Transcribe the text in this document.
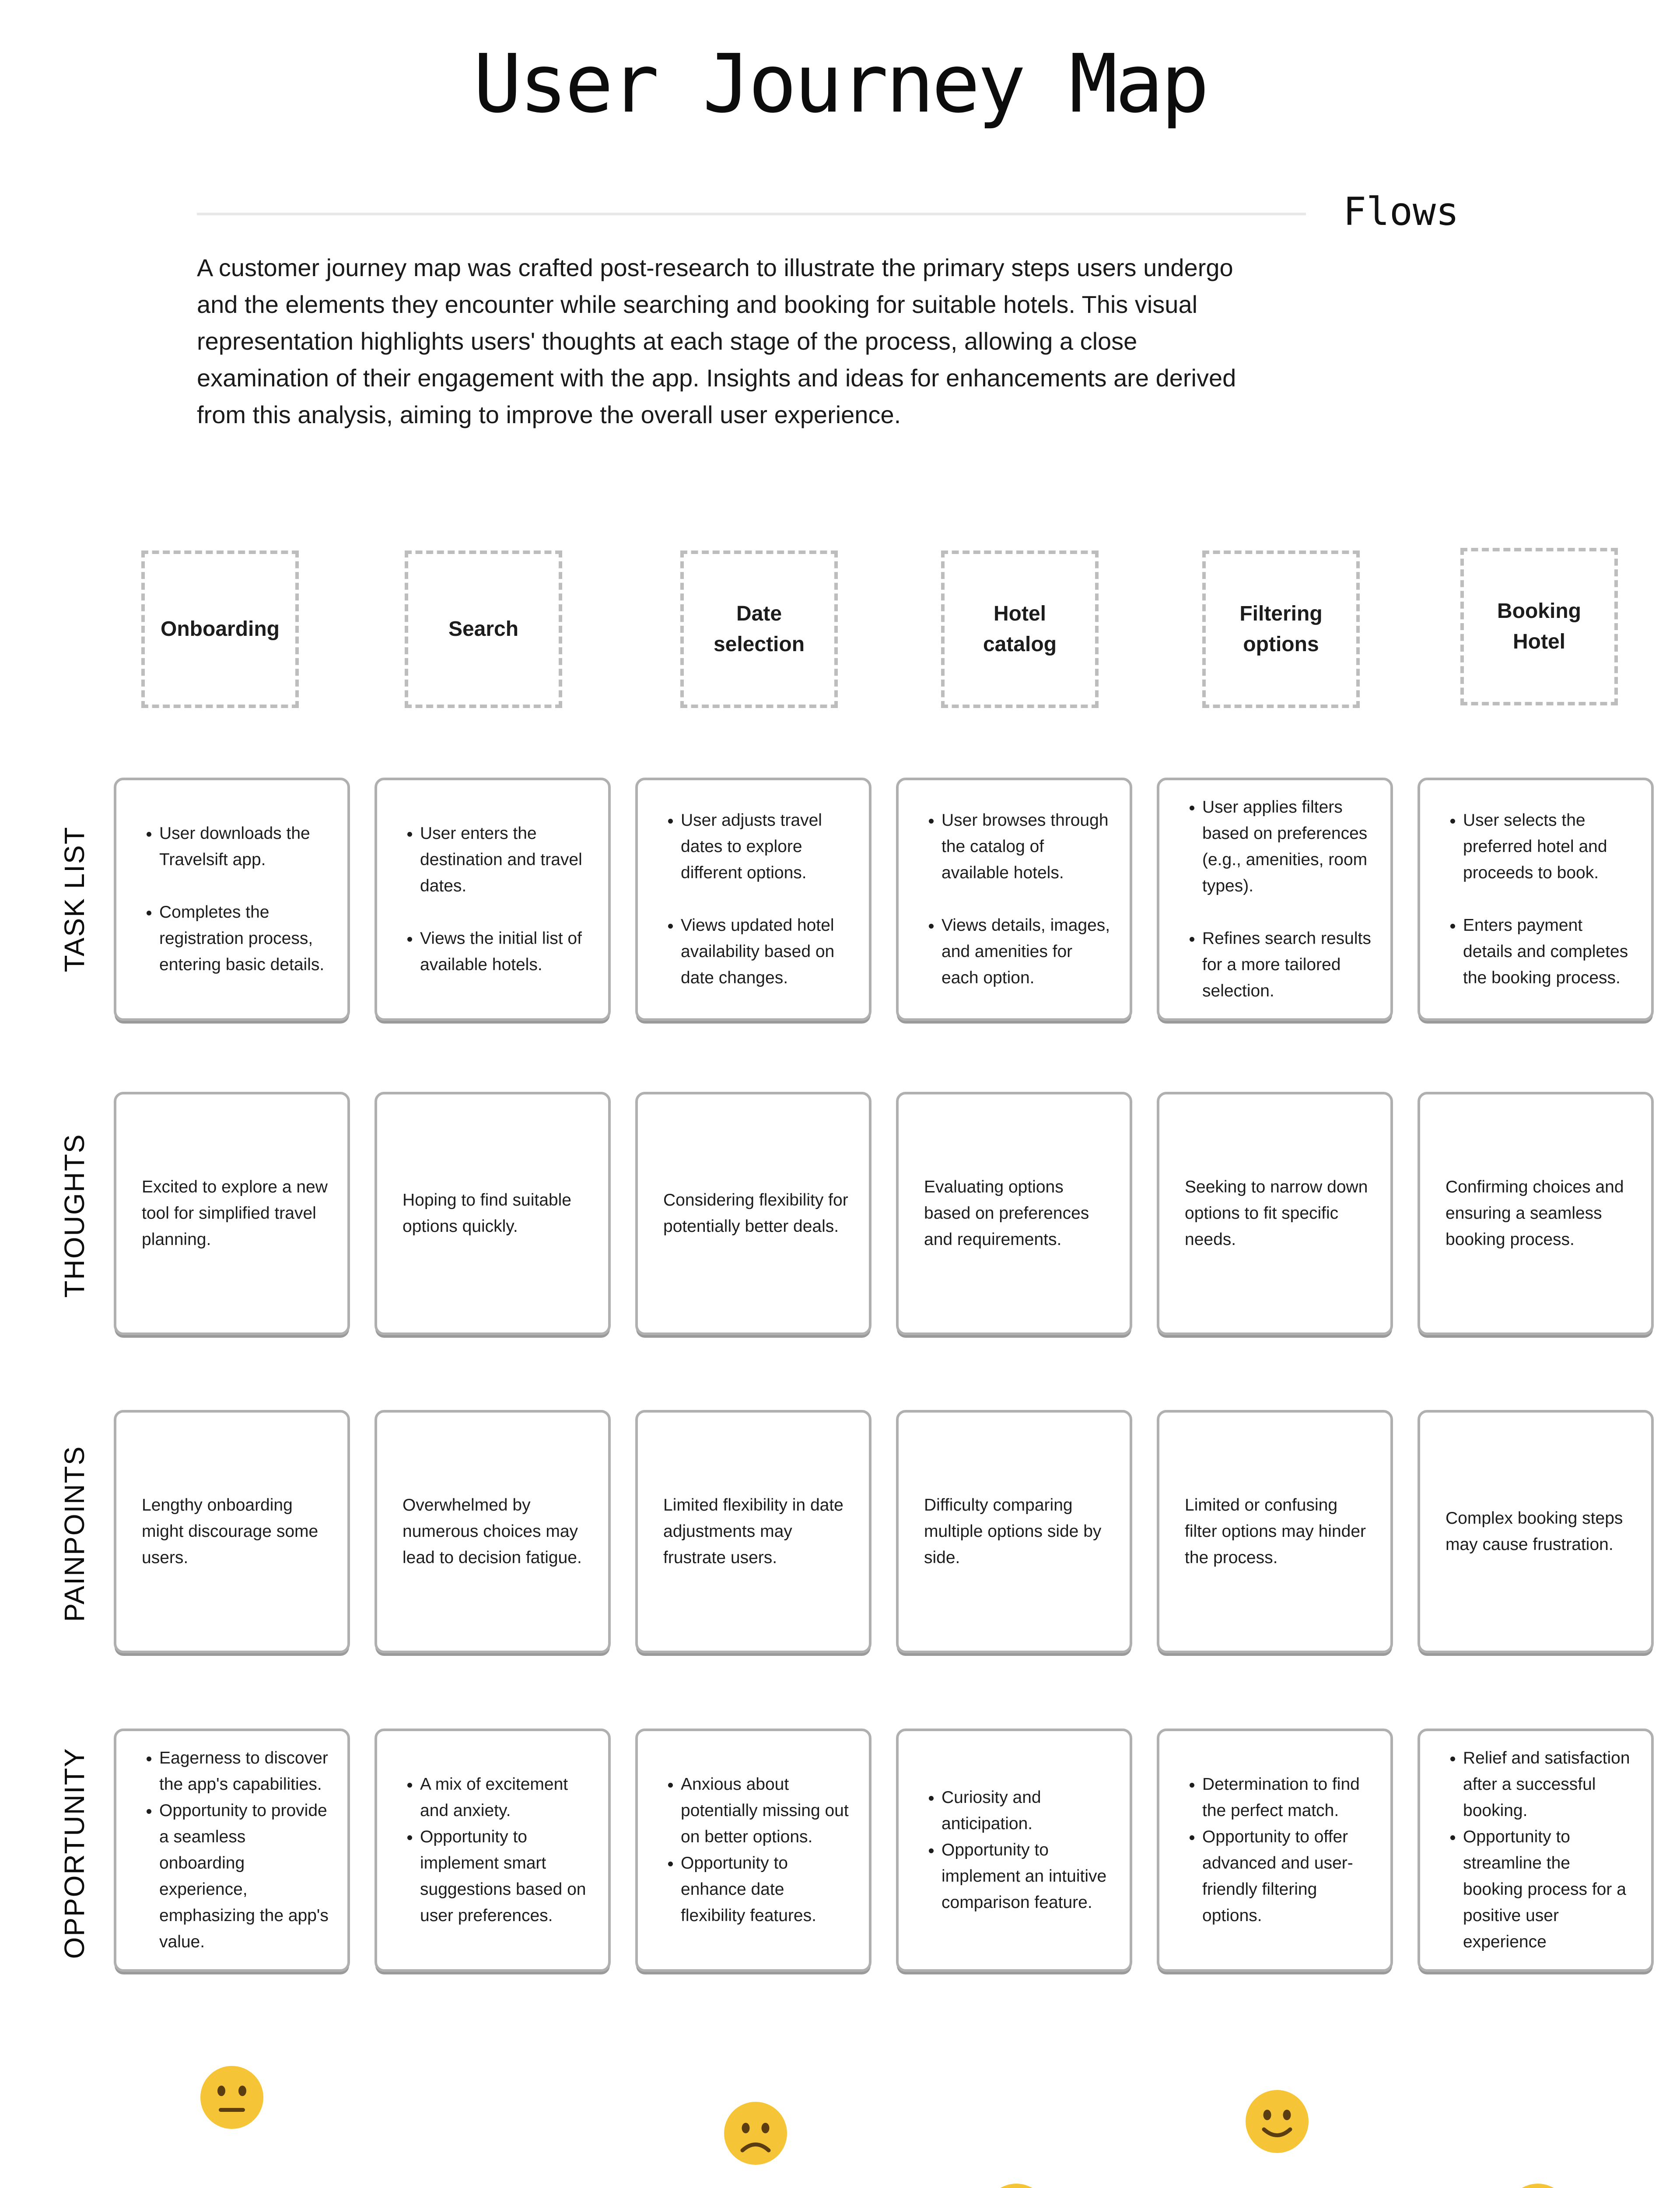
User Journey Map
Flows
A customer journey map was crafted post-research to illustrate the primary steps users undergo and the elements they encounter while searching and booking for suitable hotels. This visual representation highlights users' thoughts at each stage of the process, allowing a close examination of their engagement with the app. Insights and ideas for enhancements are derived from this analysis, aiming to improve the overall user experience.
Onboarding	Search
Date selection
Hotel catalog
Filtering options
Booking Hotel
TASK LIST
THOUGHTS
PAINPOINTS
OPPORTUNITY
• User downloads the Travelsift app.
• Completes the registration process, entering basic details.
• User enters the destination and travel dates.
• Views the initial list of available hotels.
• User adjusts travel dates to explore different options.
• Views updated hotel availability based on date changes.
• User browses through the catalog of available hotels.
• Views details, images, and amenities for each option.
• User applies filters based on preferences (e.g., amenities, room types).
• Refines search results for a more tailored selection.
• User selects the preferred hotel and proceeds to book.
• Enters payment details and completes the booking process.
Excited to explore a new tool for simplified travel planning.
Hoping to find suitable options quickly.
Considering flexibility for potentially better deals.
Evaluating options based on preferences and requirements.
Seeking to narrow down options to fit specific needs.
Confirming choices and ensuring a seamless booking process.
Lengthy onboarding might discourage some users.
Overwhelmed by numerous choices may lead to decision fatigue.
Limited flexibility in date adjustments may frustrate users.
Difficulty comparing multiple options side by side.
Limited or confusing filter options may hinder the process.
Complex booking steps may cause frustration.
• Eagerness to discover the app's capabilities.
• Opportunity to provide a seamless onboarding experience, emphasizing the app's value.
• A mix of excitement and anxiety.
• Opportunity to implement smart suggestions based on user preferences.
• Anxious about potentially missing out on better options.
• Opportunity to enhance date flexibility features.
• Curiosity and anticipation.
• Opportunity to implement an intuitive comparison feature.
• Determination to find the perfect match.
• Opportunity to offer advanced and user-friendly filtering options.
• Relief and satisfaction after a successful booking.
• Opportunity to streamline the booking process for a positive user experience
